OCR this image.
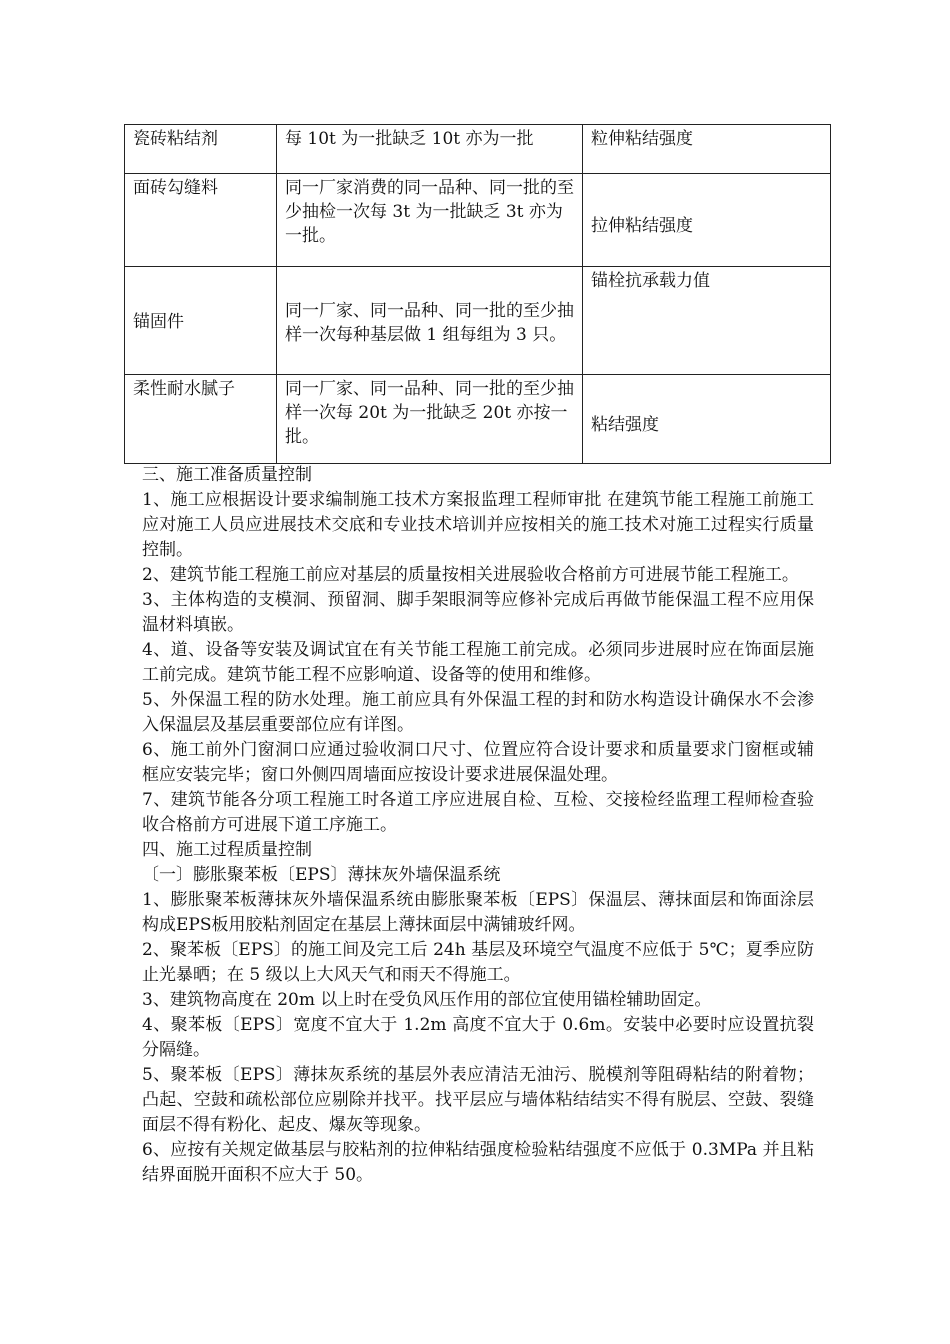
瓷砖粘结剂	每 10t 为一批缺乏 10t 亦为一批	粒伸粘结强度
面砖勾缝料	同一厂家消费的同一品种、同一批的至少抽检一次每 3t 为一批缺乏 3t 亦为一批。	拉伸粘结强度

锚固件	同一厂家、同一品种、同一批的至少抽样一次每种基层做 1 组每组为 3 只。	锚栓抗承载力值
柔性耐水腻子	同一厂家、同一品种、同一批的至少抽样一次每 20t 为一批缺乏 20t 亦按一批。	粘结强度

三、施工准备质量控制

1、施工应根据设计要求编制施工技术方案报监理工程师审批 在建筑节能工程施工前施工应对施工人员应进展技术交底和专业技术培训并应按相关的施工技术对施工过程实行质量控制。

2、建筑节能工程施工前应对基层的质量按相关进展验收合格前方可进展节能工程施工。

3、主体构造的支模洞、预留洞、脚手架眼洞等应修补完成后再做节能保温工程不应用保温材料填嵌。

4、道、设备等安装及调试宜在有关节能工程施工前完成。必须同步进展时应在饰面层施工前完成。建筑节能工程不应影响道、设备等的使用和维修。

5、外保温工程的防水处理。施工前应具有外保温工程的封和防水构造设计确保水不会渗入保温层及基层重要部位应有详图。

6、施工前外门窗洞口应通过验收洞口尺寸、位置应符合设计要求和质量要求门窗框或辅框应安装完毕；窗口外侧四周墙面应按设计要求进展保温处理。

7、建筑节能各分项工程施工时各道工序应进展自检、互检、交接检经监理工程师检查验收合格前方可进展下道工序施工。

四、施工过程质量控制

〔一〕膨胀聚苯板〔EPS〕薄抹灰外墙保温系统

1、膨胀聚苯板薄抹灰外墙保温系统由膨胀聚苯板〔EPS〕保温层、薄抹面层和饰面涂层构成EPS板用胶粘剂固定在基层上薄抹面层中满铺玻纤网。

2、聚苯板〔EPS〕的施工间及完工后 24h 基层及环境空气温度不应低于 5℃；夏季应防止光暴晒；在 5 级以上大风天气和雨天不得施工。

3、建筑物高度在 20m 以上时在受负风压作用的部位宜使用锚栓辅助固定。

4、聚苯板〔EPS〕宽度不宜大于 1.2m 高度不宜大于 0.6m。安装中必要时应设置抗裂分隔缝。

5、聚苯板〔EPS〕薄抹灰系统的基层外表应清洁无油污、脱模剂等阻碍粘结的附着物；凸起、空鼓和疏松部位应剔除并找平。找平层应与墙体粘结结实不得有脱层、空鼓、裂缝面层不得有粉化、起皮、爆灰等现象。

6、应按有关规定做基层与胶粘剂的拉伸粘结强度检验粘结强度不应低于 0.3MPa 并且粘结界面脱开面积不应大于 50。
